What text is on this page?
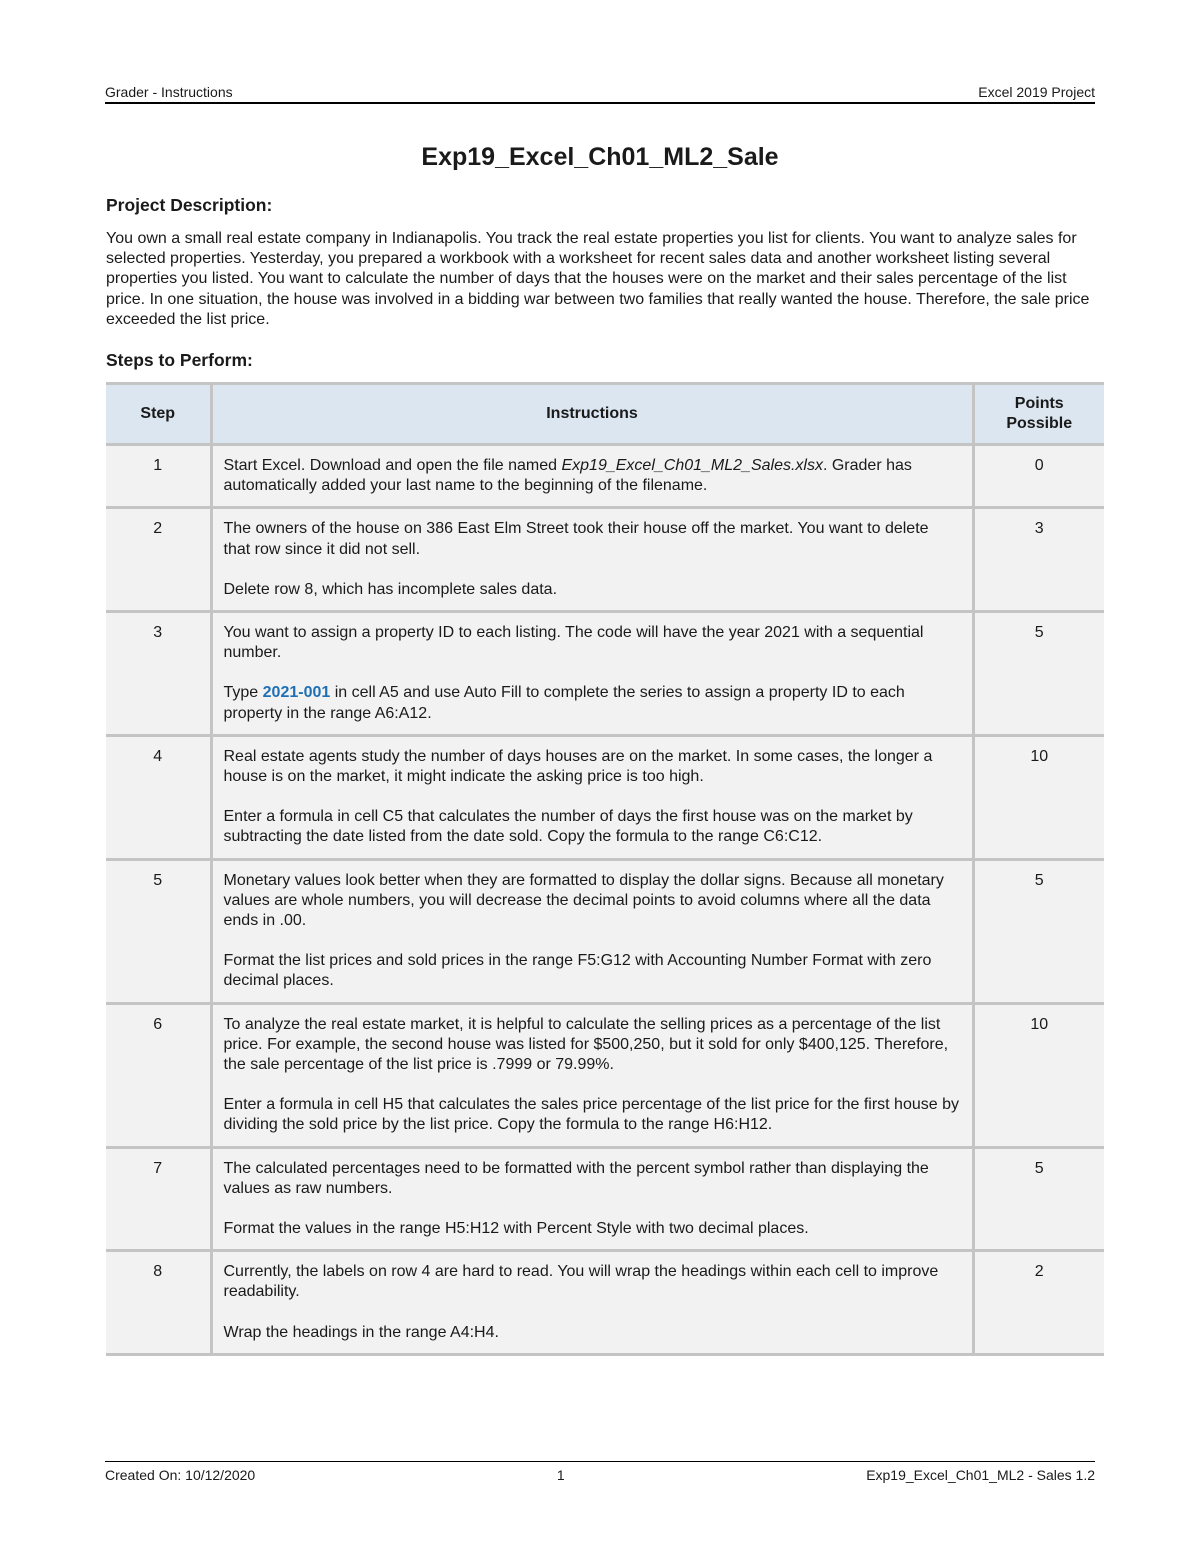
Grader - Instructions	Excel 2019 Project
Exp19_Excel_Ch01_ML2_Sale
Project Description:
You own a small real estate company in Indianapolis. You track the real estate properties you list for clients. You want to analyze sales for selected properties. Yesterday, you prepared a workbook with a worksheet for recent sales data and another worksheet listing several properties you listed. You want to calculate the number of days that the houses were on the market and their sales percentage of the list price. In one situation, the house was involved in a bidding war between two families that really wanted the house. Therefore, the sale price exceeded the list price.
Steps to Perform:
Step	Instructions	Points
Possible
1	Start Excel. Download and open the file named Exp19_Excel_Ch01_ML2_Sales.xlsx. Grader has automatically added your last name to the beginning of the filename.	0
2	The owners of the house on 386 East Elm Street took their house off the market. You want to delete that row since it did not sell.

Delete row 8, which has incomplete sales data.	3
3	You want to assign a property ID to each listing. The code will have the year 2021 with a sequential number.

Type 2021-001 in cell A5 and use Auto Fill to complete the series to assign a property ID to each property in the range A6:A12.	5
4	Real estate agents study the number of days houses are on the market. In some cases, the longer a house is on the market, it might indicate the asking price is too high.

Enter a formula in cell C5 that calculates the number of days the first house was on the market by subtracting the date listed from the date sold. Copy the formula to the range C6:C12.	10
5	Monetary values look better when they are formatted to display the dollar signs. Because all monetary values are whole numbers, you will decrease the decimal points to avoid columns where all the data ends in .00.

Format the list prices and sold prices in the range F5:G12 with Accounting Number Format with zero decimal places.	5
6	To analyze the real estate market, it is helpful to calculate the selling prices as a percentage of the list price. For example, the second house was listed for $500,250, but it sold for only $400,125. Therefore, the sale percentage of the list price is .7999 or 79.99%.

Enter a formula in cell H5 that calculates the sales price percentage of the list price for the first house by dividing the sold price by the list price. Copy the formula to the range H6:H12.	10
7	The calculated percentages need to be formatted with the percent symbol rather than displaying the values as raw numbers.

Format the values in the range H5:H12 with Percent Style with two decimal places.	5
8	Currently, the labels on row 4 are hard to read. You will wrap the headings within each cell to improve readability.

Wrap the headings in the range A4:H4.	2
Created On: 10/12/2020	1	Exp19_Excel_Ch01_ML2 - Sales 1.2
